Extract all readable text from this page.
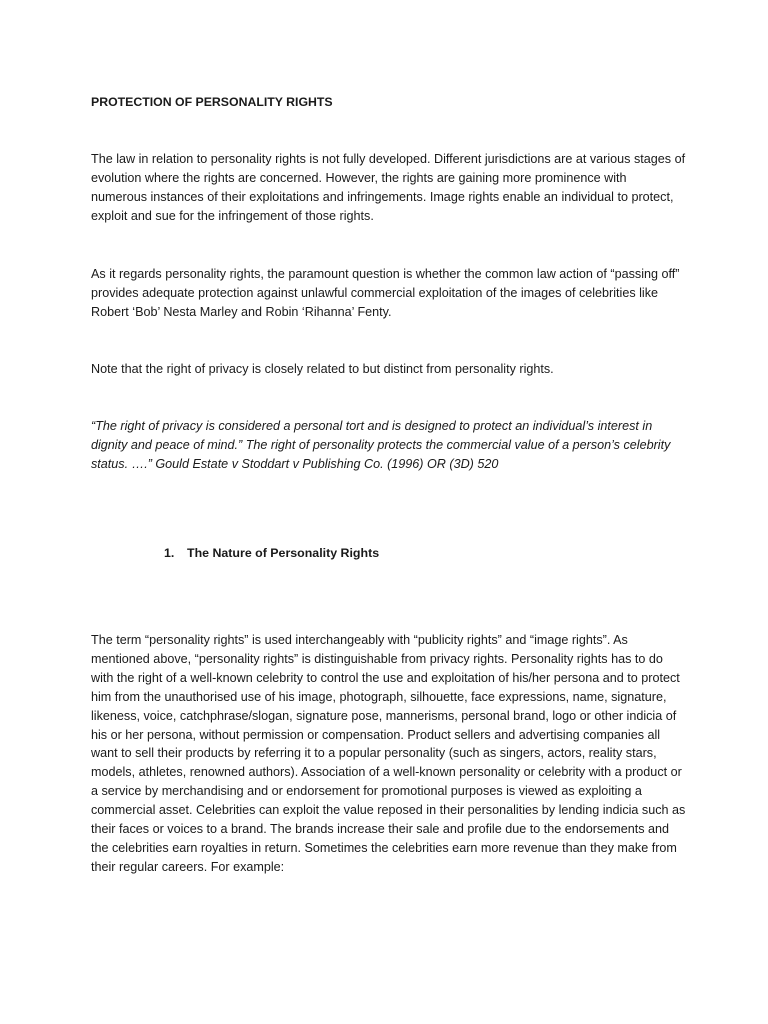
PROTECTION OF PERSONALITY RIGHTS

The law in relation to personality rights is not fully developed. Different jurisdictions are at various stages of evolution where the rights are concerned. However, the rights are gaining more prominence with numerous instances of their exploitations and infringements. Image rights enable an individual to protect, exploit and sue for the infringement of those rights.

As it regards personality rights, the paramount question is whether the common law action of “passing off” provides adequate protection against unlawful commercial exploitation of the images of celebrities like Robert ‘Bob’ Nesta Marley and Robin ‘Rihanna’ Fenty.

Note that the right of privacy is closely related to but distinct from personality rights.

“The right of privacy is considered a personal tort and is designed to protect an individual’s interest in dignity and peace of mind.” The right of personality protects the commercial value of a person’s celebrity status. ….” Gould Estate v Stoddart v Publishing Co. (1996) OR (3D) 520

1. The Nature of Personality Rights

The term “personality rights” is used interchangeably with “publicity rights” and “image rights”. As mentioned above, “personality rights” is distinguishable from privacy rights. Personality rights has to do with the right of a well-known celebrity to control the use and exploitation of his/her persona and to protect him from the unauthorised use of his image, photograph, silhouette, face expressions, name, signature, likeness, voice, catchphrase/slogan, signature pose, mannerisms, personal brand, logo or other indicia of his or her persona, without permission or compensation. Product sellers and advertising companies all want to sell their products by referring it to a popular personality (such as singers, actors, reality stars, models, athletes, renowned authors). Association of a well-known personality or celebrity with a product or a service by merchandising and or endorsement for promotional purposes is viewed as exploiting a commercial asset. Celebrities can exploit the value reposed in their personalities by lending indicia such as their faces or voices to a brand. The brands increase their sale and profile due to the endorsements and the celebrities earn royalties in return. Sometimes the celebrities earn more revenue than they make from their regular careers. For example:
